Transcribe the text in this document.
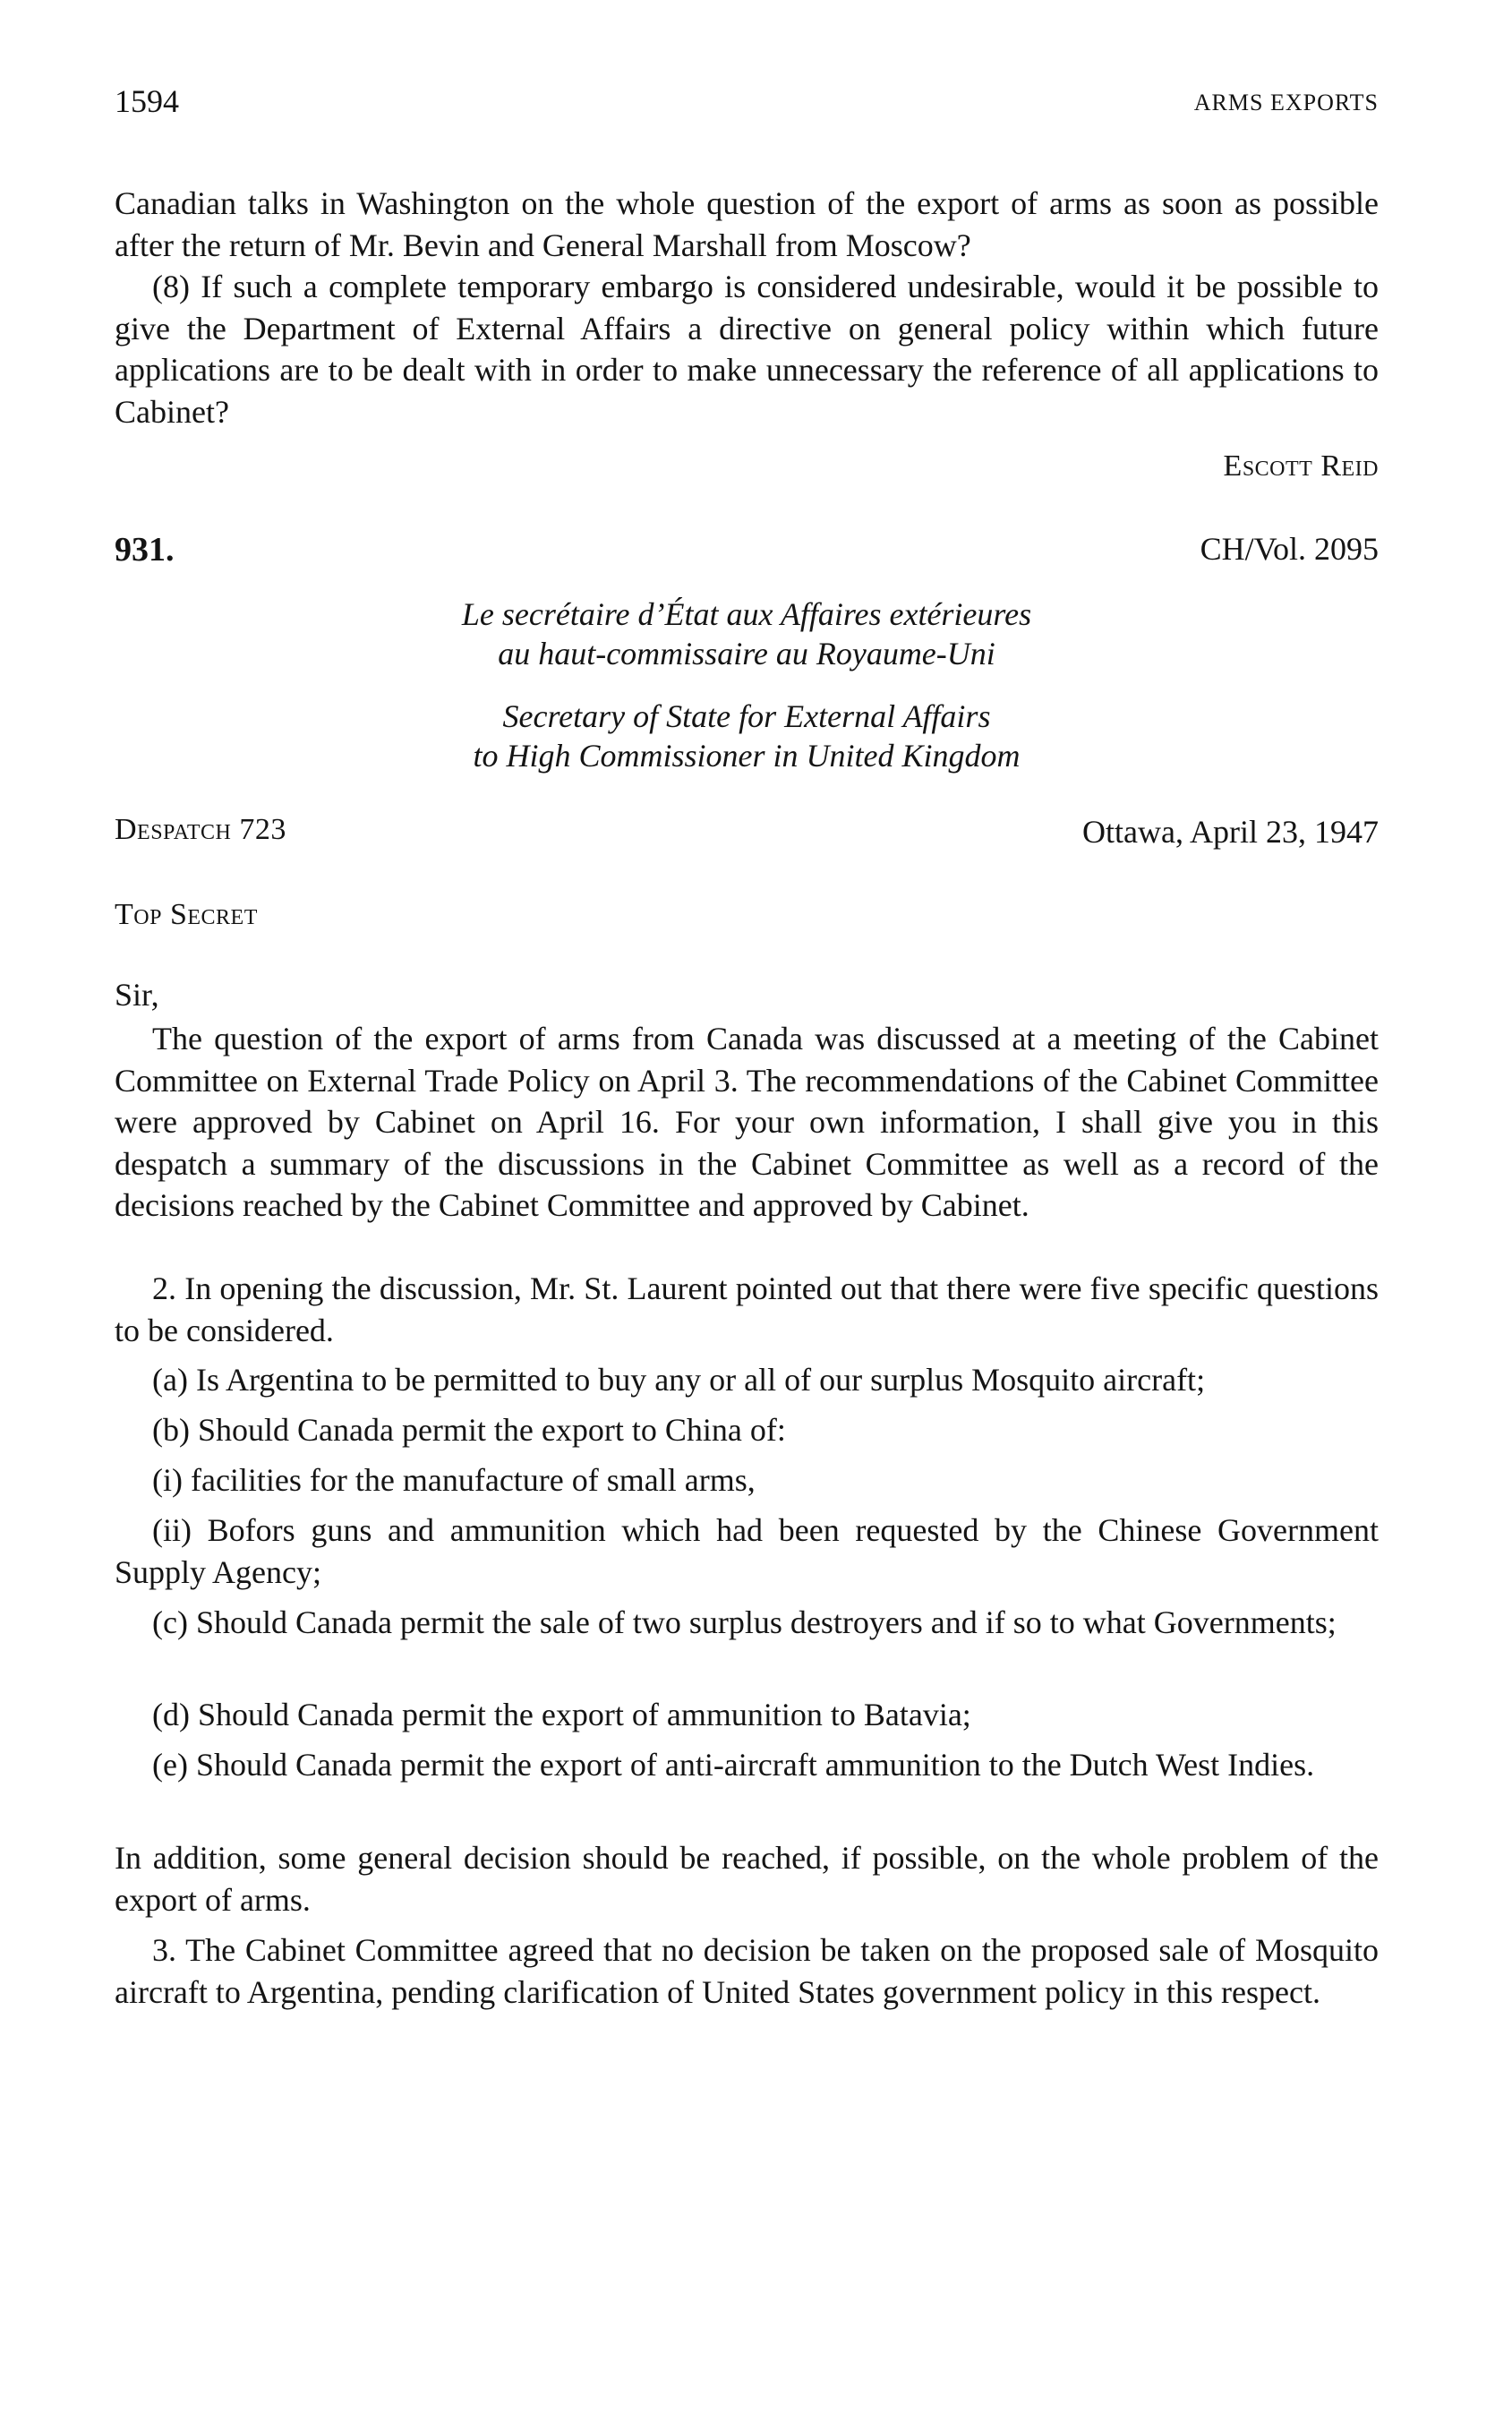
1594	ARMS EXPORTS

Canadian talks in Washington on the whole question of the export of arms as soon as possible after the return of Mr. Bevin and General Marshall from Moscow?

(8) If such a complete temporary embargo is considered undesirable, would it be possible to give the Department of External Affairs a directive on general policy within which future applications are to be dealt with in order to make unnecessary the reference of all applications to Cabinet?

Escott Reid
931.	CH/Vol. 2095
Le secrétaire d’État aux Affaires extérieures
au haut-commissaire au Royaume-Uni
Secretary of State for External Affairs
to High Commissioner in United Kingdom
Despatch 723	Ottawa, April 23, 1947
Top Secret
Sir,

The question of the export of arms from Canada was discussed at a meeting of the Cabinet Committee on External Trade Policy on April 3. The recommendations of the Cabinet Committee were approved by Cabinet on April 16. For your own information, I shall give you in this despatch a summary of the discussions in the Cabinet Committee as well as a record of the decisions reached by the Cabinet Committee and approved by Cabinet.

2. In opening the discussion, Mr. St. Laurent pointed out that there were five specific questions to be considered.

(a) Is Argentina to be permitted to buy any or all of our surplus Mosquito aircraft;

(b) Should Canada permit the export to China of:

(i) facilities for the manufacture of small arms,

(ii) Bofors guns and ammunition which had been requested by the Chinese Government Supply Agency;

(c) Should Canada permit the sale of two surplus destroyers and if so to what Governments;

(d) Should Canada permit the export of ammunition to Batavia;

(e) Should Canada permit the export of anti-aircraft ammunition to the Dutch West Indies.

In addition, some general decision should be reached, if possible, on the whole problem of the export of arms.

3. The Cabinet Committee agreed that no decision be taken on the proposed sale of Mosquito aircraft to Argentina, pending clarification of United States government policy in this respect.
